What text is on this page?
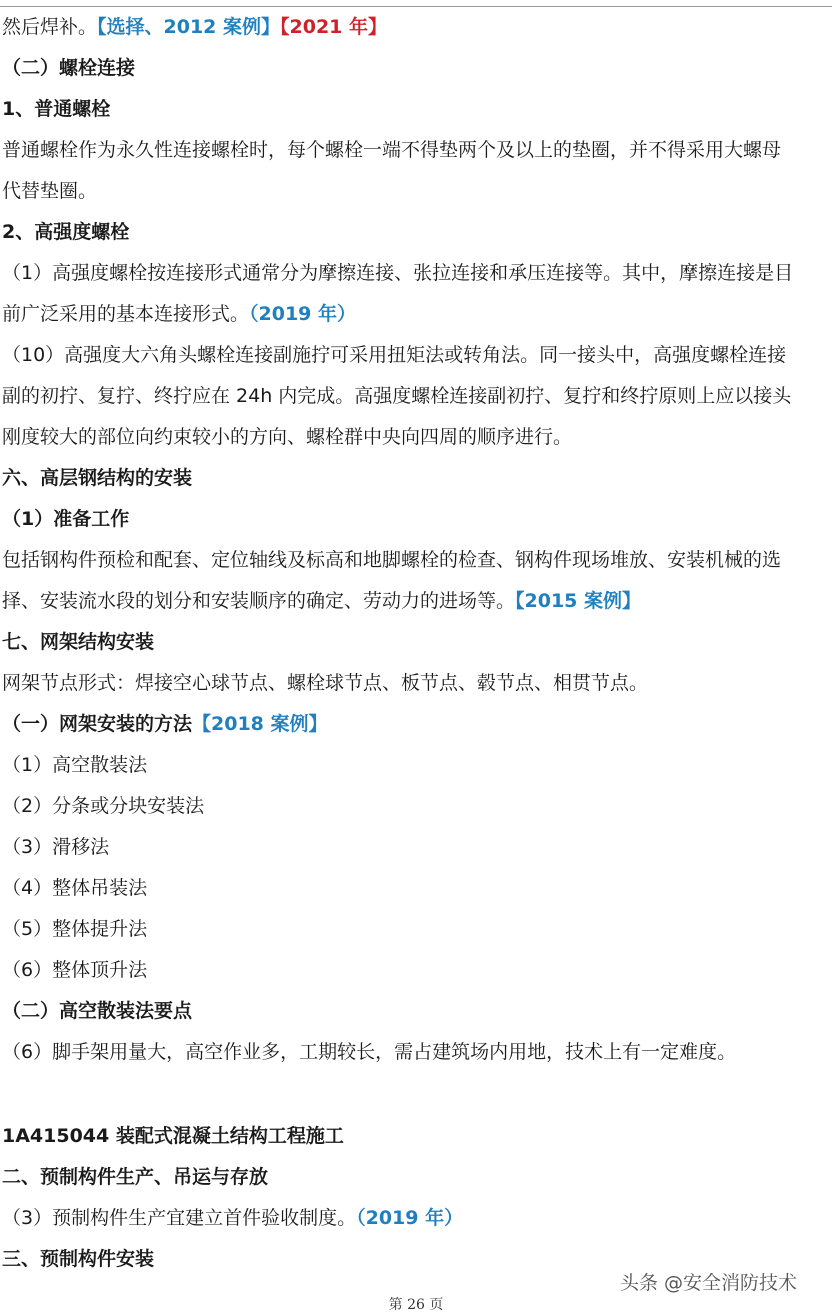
然后焊补。【选择、2012 案例】【2021 年】
（二）螺栓连接
1、普通螺栓
普通螺栓作为永久性连接螺栓时，每个螺栓一端不得垫两个及以上的垫圈，并不得采用大螺母
代替垫圈。
2、高强度螺栓
（1）高强度螺栓按连接形式通常分为摩擦连接、张拉连接和承压连接等。其中，摩擦连接是目
前广泛采用的基本连接形式。（2019 年）
（10）高强度大六角头螺栓连接副施拧可采用扭矩法或转角法。同一接头中，高强度螺栓连接
副的初拧、复拧、终拧应在 24h 内完成。高强度螺栓连接副初拧、复拧和终拧原则上应以接头
刚度较大的部位向约束较小的方向、螺栓群中央向四周的顺序进行。
六、高层钢结构的安装
（1）准备工作
包括钢构件预检和配套、定位轴线及标高和地脚螺栓的检查、钢构件现场堆放、安装机械的选
择、安装流水段的划分和安装顺序的确定、劳动力的进场等。【2015 案例】
七、网架结构安装
网架节点形式：焊接空心球节点、螺栓球节点、板节点、毂节点、相贯节点。
（一）网架安装的方法【2018 案例】
（1）高空散装法
（2）分条或分块安装法
（3）滑移法
（4）整体吊装法
（5）整体提升法
（6）整体顶升法
（二）高空散装法要点
（6）脚手架用量大，高空作业多，工期较长，需占建筑场内用地，技术上有一定难度。
1A415044 装配式混凝土结构工程施工
二、预制构件生产、吊运与存放
（3）预制构件生产宜建立首件验收制度。（2019 年）
三、预制构件安装
头条 @安全消防技术
第 26 页
